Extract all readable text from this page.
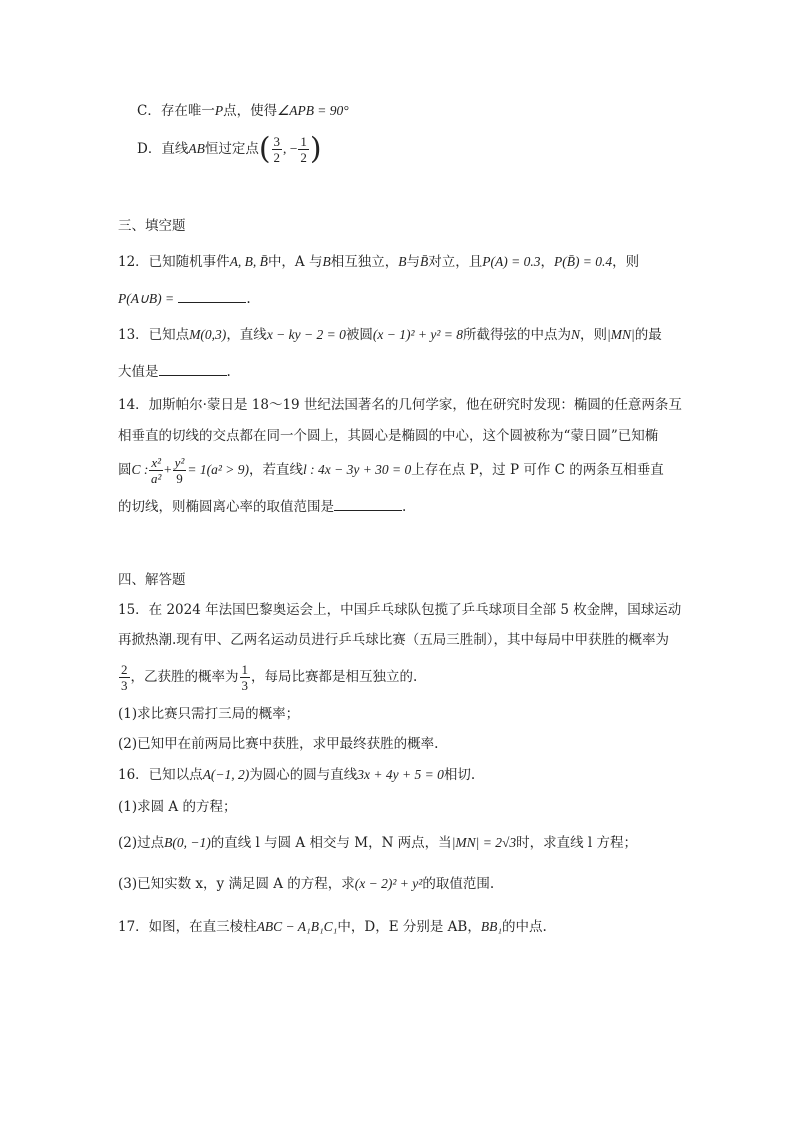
C．存在唯一P点，使得∠APB = 90°
D．直线AB恒过定点( $\frac{3}{2}$ , − $\frac{1}{2}$ )
三、填空题
12．已知随机事件A, B, B̄中，A 与B相互独立，B与B̄对立，且P(A) = 0.3，P(B̄) = 0.4，则
P(A∪B) =	.
13．已知点M(0,3)，直线x − ky − 2 = 0被圆(x − 1)² + y² = 8所截得弦的中点为N，则|MN|的最
大值是	.
14．加斯帕尔·蒙日是 18～19 世纪法国著名的几何学家，他在研究时发现：椭圆的任意两条互
相垂直的切线的交点都在同一个圆上，其圆心是椭圆的中心，这个圆被称为“蒙日圆”已知椭
圆C : $\frac{\text{x²}}{\text{a²}} + \frac{\text{y²}}{9} = 1(a^2 > 9)$，若直线l : 4x − 3y + 30 = 0上存在点 P，过 P 可作 C 的两条互相垂直
的切线，则椭圆离心率的取值范围是	.
四、解答题
15．在 2024 年法国巴黎奥运会上，中国乒乓球队包揽了乒乓球项目全部 5 枚金牌，国球运动
再掀热潮.现有甲、乙两名运动员进行乒乓球比赛（五局三胜制），其中每局中甲获胜的概率为
$\frac{2}{3}$ ，乙获胜的概率为 $\frac{1}{3}$ ，每局比赛都是相互独立的.
(1)求比赛只需打三局的概率；
(2)已知甲在前两局比赛中获胜，求甲最终获胜的概率.
16．已知以点A(−1, 2)为圆心的圆与直线3x + 4y + 5 = 0相切.
(1)求圆 A 的方程；
(2)过点B(0, −1)的直线 l 与圆 A 相交与 M，N 两点，当|MN| = 2√3时，求直线 l 方程；
(3)已知实数 x，y 满足圆 A 的方程，求(x − 2)² + y²的取值范围.
17．如图，在直三棱柱ABC − A₁B₁C₁中，D，E 分别是 AB，BB₁的中点.
